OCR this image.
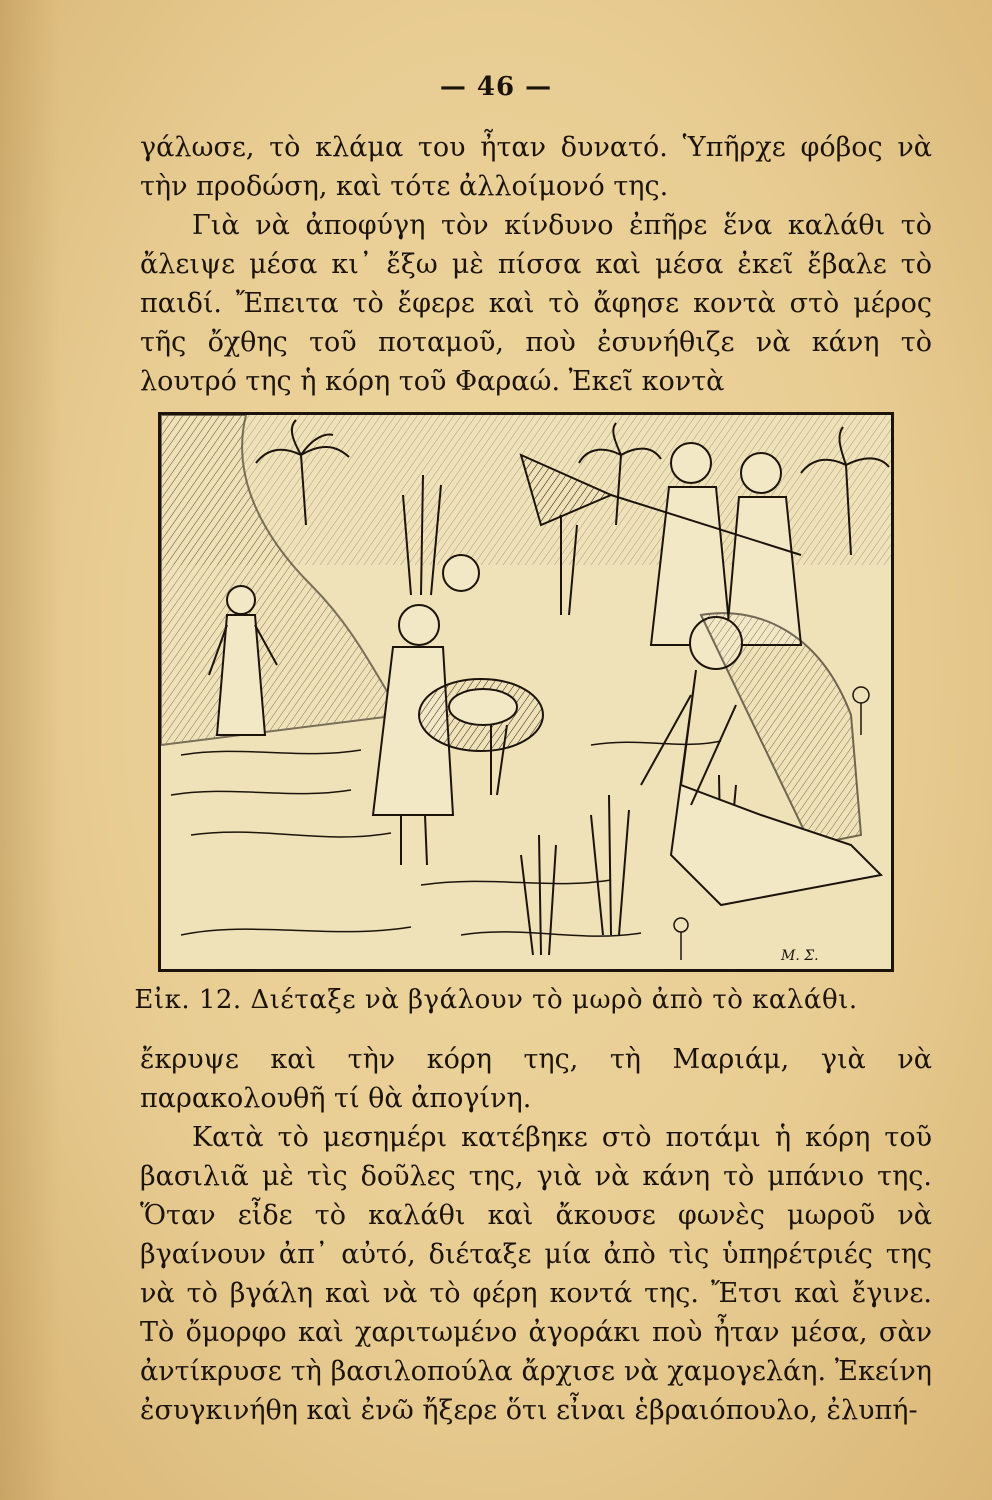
— 46 —

γάλωσε, τὸ κλάμα του ἦταν δυνατό. Ὑπῆρχε φόβος νὰ τὴν προδώση, καὶ τότε ἀλλοίμονό της.

Γιὰ νὰ ἀποφύγη τὸν κίνδυνο ἐπῆρε ἕνα καλάθι τὸ ἄλειψε μέσα κι᾿ ἔξω μὲ πίσσα καὶ μέσα ἐκεῖ ἔβαλε τὸ παιδί. Ἔπειτα τὸ ἔφερε καὶ τὸ ἄφησε κοντὰ στὸ μέρος τῆς ὄχθης τοῦ ποταμοῦ, ποὺ ἐσυνήθιζε νὰ κάνη τὸ λουτρό της ἡ κόρη τοῦ Φαραώ. Ἐκεῖ κοντὰ

M. Σ.
Εἰκ. 12. Διέταξε νὰ βγάλουν τὸ μωρὸ ἀπὸ τὸ καλάθι.

ἔκρυψε καὶ τὴν κόρη της, τὴ Μαριάμ, γιὰ νὰ παρακολουθῆ τί θὰ ἀπογίνη.

Κατὰ τὸ μεσημέρι κατέβηκε στὸ ποτάμι ἡ κόρη τοῦ βασιλιᾶ μὲ τὶς δοῦλες της, γιὰ νὰ κάνη τὸ μπάνιο της. Ὅταν εἶδε τὸ καλάθι καὶ ἄκουσε φωνὲς μωροῦ νὰ βγαίνουν ἀπ᾿ αὐτό, διέταξε μία ἀπὸ τὶς ὑπηρέτριές της νὰ τὸ βγάλη καὶ νὰ τὸ φέρη κοντά της. Ἔτσι καὶ ἔγινε. Τὸ ὄμορφο καὶ χαριτωμένο ἀγοράκι ποὺ ἦταν μέσα, σὰν ἀντίκρυσε τὴ βασιλοπούλα ἄρχισε νὰ χαμογελάη. Ἐκείνη ἐσυγκινήθη καὶ ἐνῶ ἤξερε ὅτι εἶναι ἑβραιόπουλο, ἐλυπή-
